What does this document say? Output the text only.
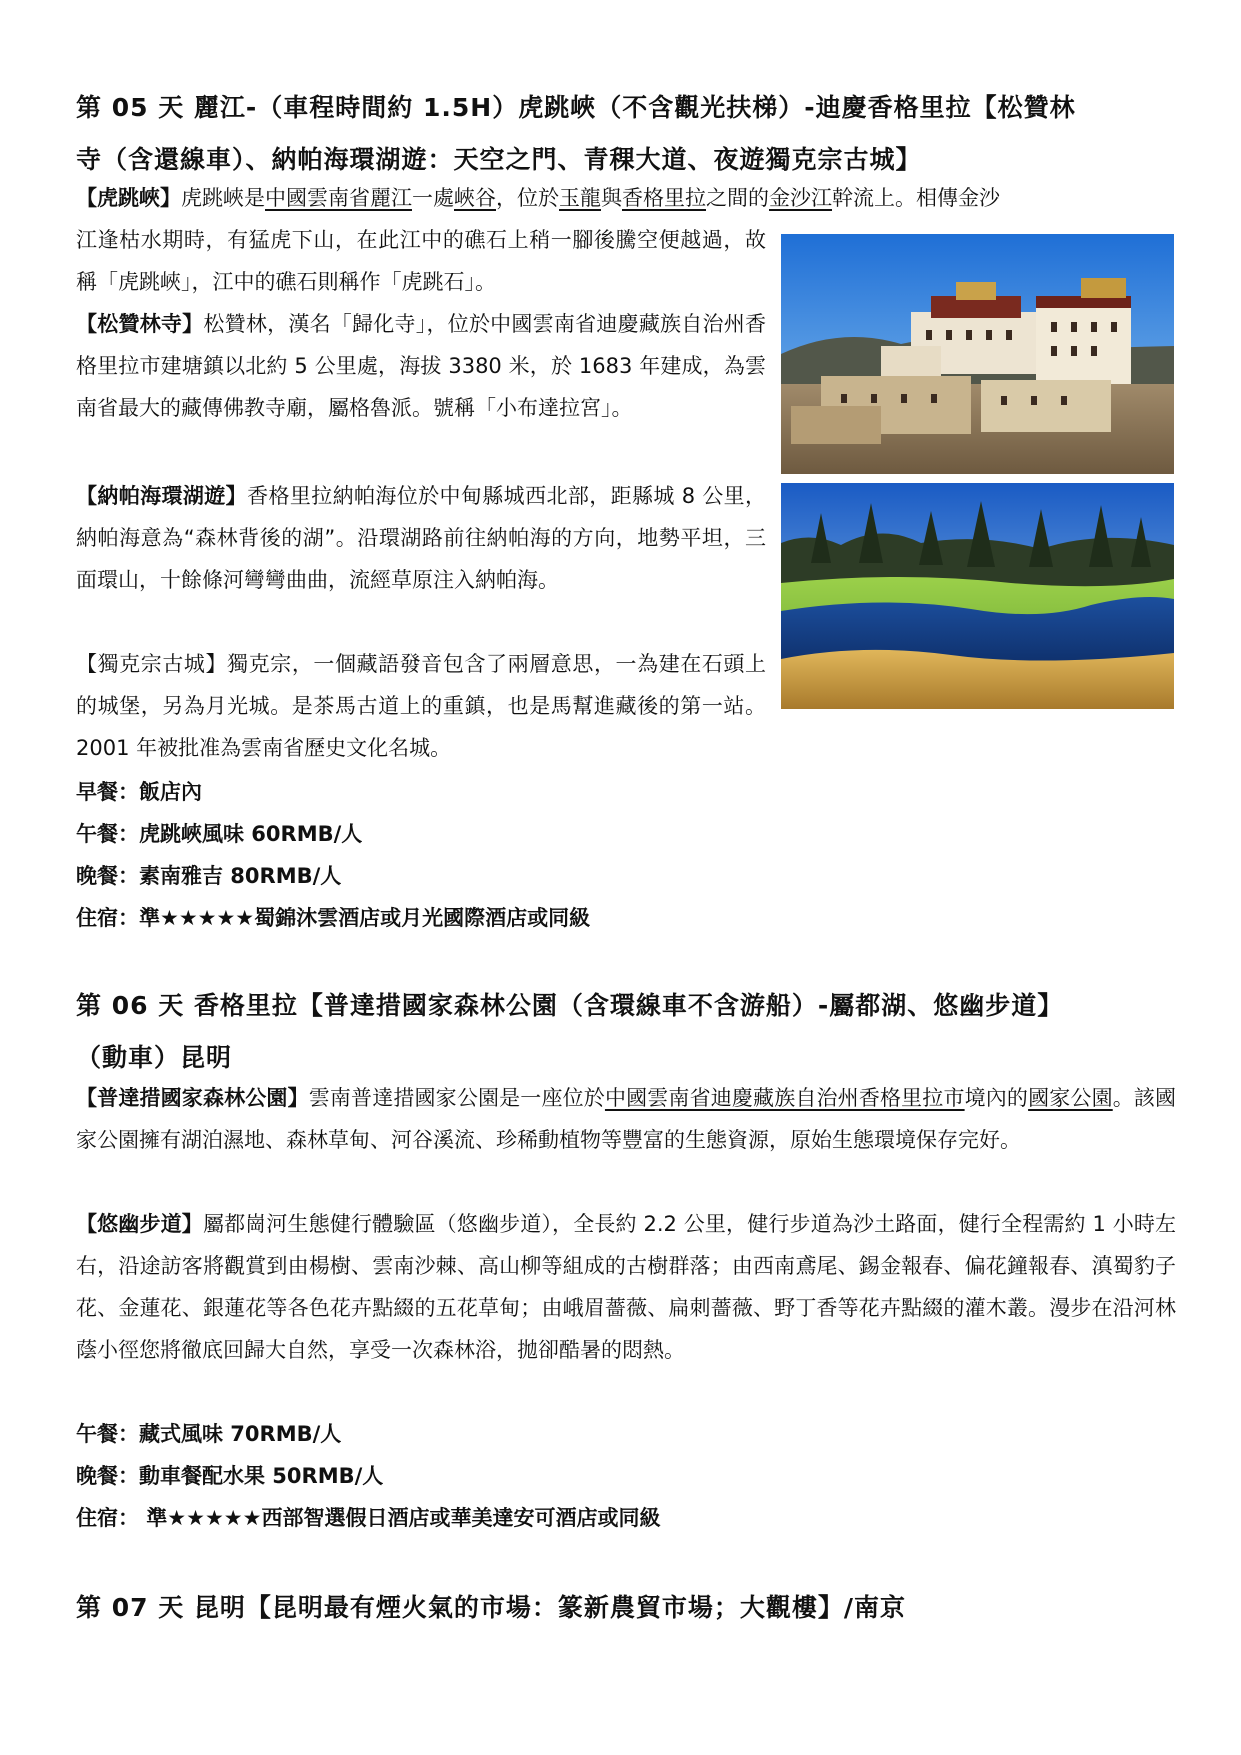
第 05 天 麗江-（車程時間約 1.5H）虎跳峽（不含觀光扶梯）-迪慶香格里拉【松贊林
寺（含還線車）、納帕海環湖遊：天空之門、青稞大道、夜遊獨克宗古城】
【虎跳峽】虎跳峽是中國雲南省麗江一處峽谷，位於玉龍與香格里拉之間的金沙江幹流上。相傳金沙
江逢枯水期時，有猛虎下山，在此江中的礁石上稍一腳後騰空便越過，故稱「虎跳峽」，江中的礁石則稱作「虎跳石」。
【松贊林寺】松贊林，漢名「歸化寺」，位於中國雲南省迪慶藏族自治州香格里拉市建塘鎮以北約 5 公里處，海拔 3380 米，於 1683 年建成，為雲南省最大的藏傳佛教寺廟，屬格魯派。號稱「小布達拉宮」。
【納帕海環湖遊】香格里拉納帕海位於中甸縣城西北部，距縣城 8 公里，納帕海意為“森林背後的湖”。沿環湖路前往納帕海的方向，地勢平坦，三面環山，十餘條河彎彎曲曲，流經草原注入納帕海。
【獨克宗古城】獨克宗，一個藏語發音包含了兩層意思，一為建在石頭上的城堡，另為月光城。是茶馬古道上的重鎮，也是馬幫進藏後的第一站。2001 年被批准為雲南省歷史文化名城。
早餐：飯店內
午餐：虎跳峽風味 60RMB/人
晚餐：素南雅吉 80RMB/人
住宿：準★★★★★蜀錦沐雲酒店或月光國際酒店或同級
第 06 天 香格里拉【普達措國家森林公園（含環線車不含游船）-屬都湖、悠幽步道】
（動車）昆明
【普達措國家森林公園】雲南普達措國家公園是一座位於中國雲南省迪慶藏族自治州香格里拉市境內的國家公園。該國家公園擁有湖泊濕地、森林草甸、河谷溪流、珍稀動植物等豐富的生態資源，原始生態環境保存完好。
【悠幽步道】屬都崗河生態健行體驗區（悠幽步道），全長約 2.2 公里，健行步道為沙土路面，健行全程需約 1 小時左右，沿途訪客將觀賞到由楊樹、雲南沙棘、高山柳等組成的古樹群落；由西南鳶尾、錫金報春、偏花鐘報春、滇蜀豹子花、金蓮花、銀蓮花等各色花卉點綴的五花草甸；由峨眉薔薇、扁刺薔薇、野丁香等花卉點綴的灌木叢。漫步在沿河林蔭小徑您將徹底回歸大自然，享受一次森林浴，拋卻酷暑的悶熱。
午餐：藏式風味 70RMB/人
晚餐：動車餐配水果 50RMB/人
住宿： 準★★★★★西部智選假日酒店或華美達安可酒店或同級
第 07 天 昆明【昆明最有煙火氣的市場：篆新農貿市場；大觀樓】/南京
